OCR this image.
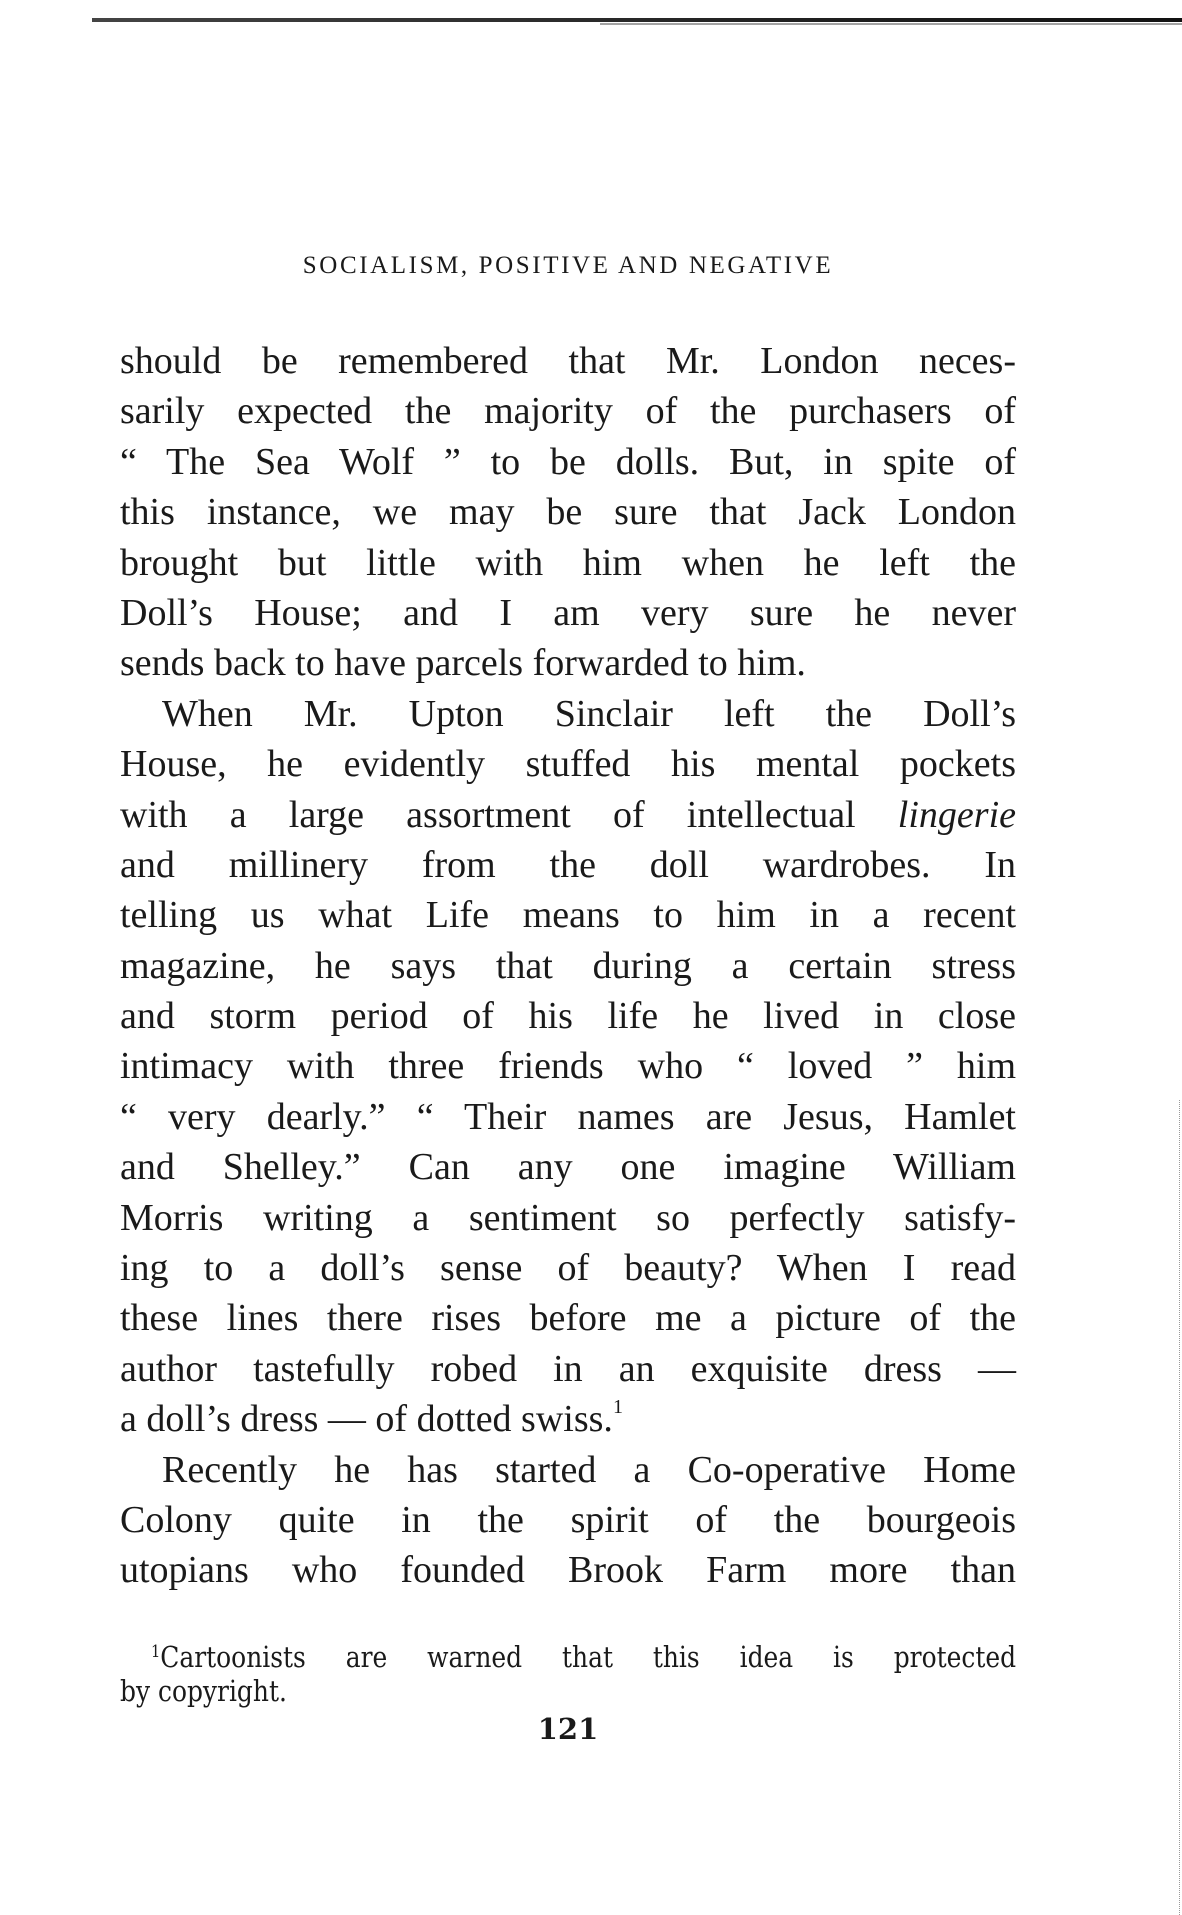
SOCIALISM, POSITIVE AND NEGATIVE
should be remembered that Mr. London neces-
sarily expected the majority of the purchasers of
“ The Sea Wolf ” to be dolls. But, in spite of
this instance, we may be sure that Jack London
brought but little with him when he left the
Doll’s House; and I am very sure he never
sends back to have parcels forwarded to him.
When Mr. Upton Sinclair left the Doll’s
House, he evidently stuffed his mental pockets
with a large assortment of intellectual lingerie
and millinery from the doll wardrobes. In
telling us what Life means to him in a recent
magazine, he says that during a certain stress
and storm period of his life he lived in close
intimacy with three friends who “ loved ” him
“ very dearly.” “ Their names are Jesus, Hamlet
and Shelley.” Can any one imagine William
Morris writing a sentiment so perfectly satisfy-
ing to a doll’s sense of beauty? When I read
these lines there rises before me a picture of the
author tastefully robed in an exquisite dress —
a doll’s dress — of dotted swiss.$^1$
Recently he has started a Co-operative Home
Colony quite in the spirit of the bourgeois
utopians who founded Brook Farm more than
$^1$Cartoonists are warned that this idea is protected
by copyright.
121
